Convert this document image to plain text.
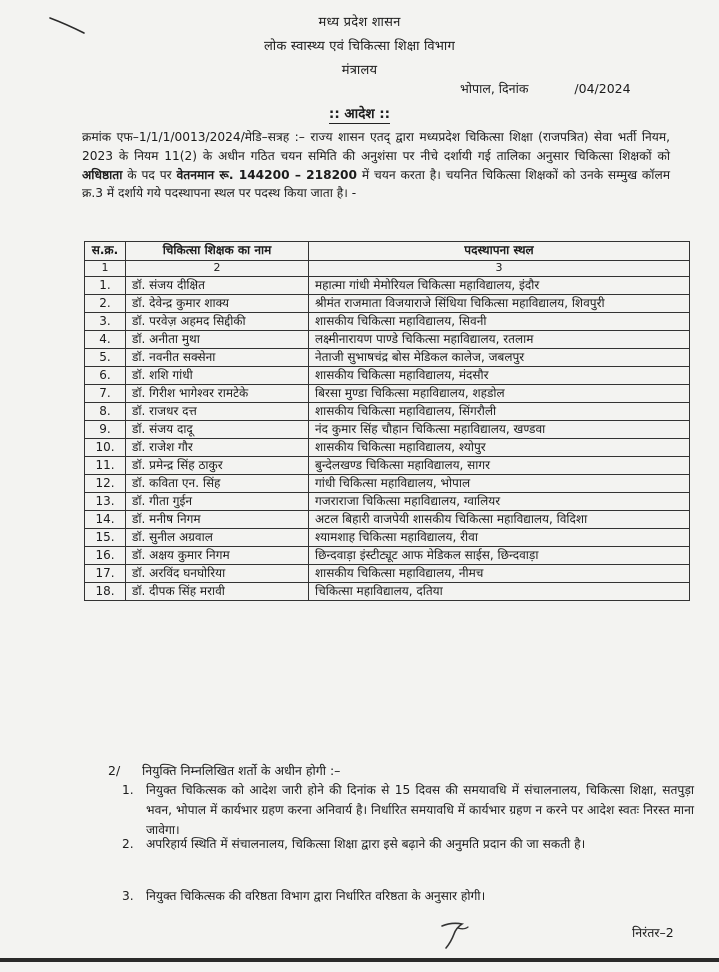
मध्य प्रदेश शासन
लोक स्वास्थ्य एवं चिकित्सा शिक्षा विभाग
मंत्रालय
भोपाल, दिनांक	/04/2024
:: आदेश ::
क्रमांक एफ–1/1/1/0013/2024/मेडि–सत्रह :– राज्य शासन एतद् द्वारा मध्यप्रदेश चिकित्सा शिक्षा (राजपत्रित) सेवा भर्ती नियम, 2023 के नियम 11(2) के अधीन गठित चयन समिति की अनुशंसा पर नीचे दर्शायी गई तालिका अनुसार चिकित्सा शिक्षकों को अधिष्ठाता के पद पर वेतनमान रू. 144200 – 218200 में चयन करता है। चयनित चिकित्सा शिक्षकों को उनके सम्मुख कॉलम क्र.3 में दर्शाये गये पदस्थापना स्थल पर पदस्थ किया जाता है। -
स.क्र.	चिकित्सा शिक्षक का नाम	पदस्थापना स्थल
1	2	3
1.	डॉ. संजय दीक्षित	महात्मा गांधी मेमोरियल चिकित्सा महाविद्यालय, इंदौर
2.	डॉ. देवेन्द्र कुमार शाक्य	श्रीमंत राजमाता विजयाराजे सिंधिया चिकित्सा महाविद्यालय, शिवपुरी
3.	डॉ. परवेज़ अहमद सिद्दीकी	शासकीय चिकित्सा महाविद्यालय, सिवनी
4.	डॉ. अनीता मुथा	लक्ष्मीनारायण पाण्डे चिकित्सा महाविद्यालय, रतलाम
5.	डॉ. नवनीत सक्सेना	नेताजी सुभाषचंद्र बोस मेडिकल कालेज, जबलपुर
6.	डॉ. शशि गांधी	शासकीय चिकित्सा महाविद्यालय, मंदसौर
7.	डॉ. गिरीश भागेश्वर रामटेके	बिरसा मुण्डा चिकित्सा महाविद्यालय, शहडोल
8.	डॉ. राजधर दत्त	शासकीय चिकित्सा महाविद्यालय, सिंगरौली
9.	डॉ. संजय दादू	नंद कुमार सिंह चौहान चिकित्सा महाविद्यालय, खण्डवा
10.	डॉ. राजेश गौर	शासकीय चिकित्सा महाविद्यालय, श्योपुर
11.	डॉ. प्रमेन्द्र सिंह ठाकुर	बुन्देलखण्ड चिकित्सा महाविद्यालय, सागर
12.	डॉ. कविता एन. सिंह	गांधी चिकित्सा महाविद्यालय, भोपाल
13.	डॉ. गीता गुईन	गजराराजा चिकित्सा महाविद्यालय, ग्वालियर
14.	डॉ. मनीष निगम	अटल बिहारी वाजपेयी शासकीय चिकित्सा महाविद्यालय, विदिशा
15.	डॉ. सुनील अग्रवाल	श्यामशाह चिकित्सा महाविद्यालय, रीवा
16.	डॉ. अक्षय कुमार निगम	छिन्दवाड़ा इंस्टीट्यूट आफ मेडिकल साईस, छिन्दवाड़ा
17.	डॉ. अरविंद घनघोरिया	शासकीय चिकित्सा महाविद्यालय, नीमच
18.	डॉ. दीपक सिंह मरावी	चिकित्सा महाविद्यालय, दतिया
2/ नियुक्ति निम्नलिखित शर्तो के अधीन होगी :–
1. नियुक्त चिकित्सक को आदेश जारी होने की दिनांक से 15 दिवस की समयावधि में संचालनालय, चिकित्सा शिक्षा, सतपुड़ा भवन, भोपाल में कार्यभार ग्रहण करना अनिवार्य है। निर्धारित समयावधि में कार्यभार ग्रहण न करने पर आदेश स्वतः निरस्त माना जावेगा।
2. अपरिहार्य स्थिति में संचालनालय, चिकित्सा शिक्षा द्वारा इसे बढ़ाने की अनुमति प्रदान की जा सकती है।
3. नियुक्त चिकित्सक की वरिष्ठता विभाग द्वारा निर्धारित वरिष्ठता के अनुसार होगी।
निरंतर–2
